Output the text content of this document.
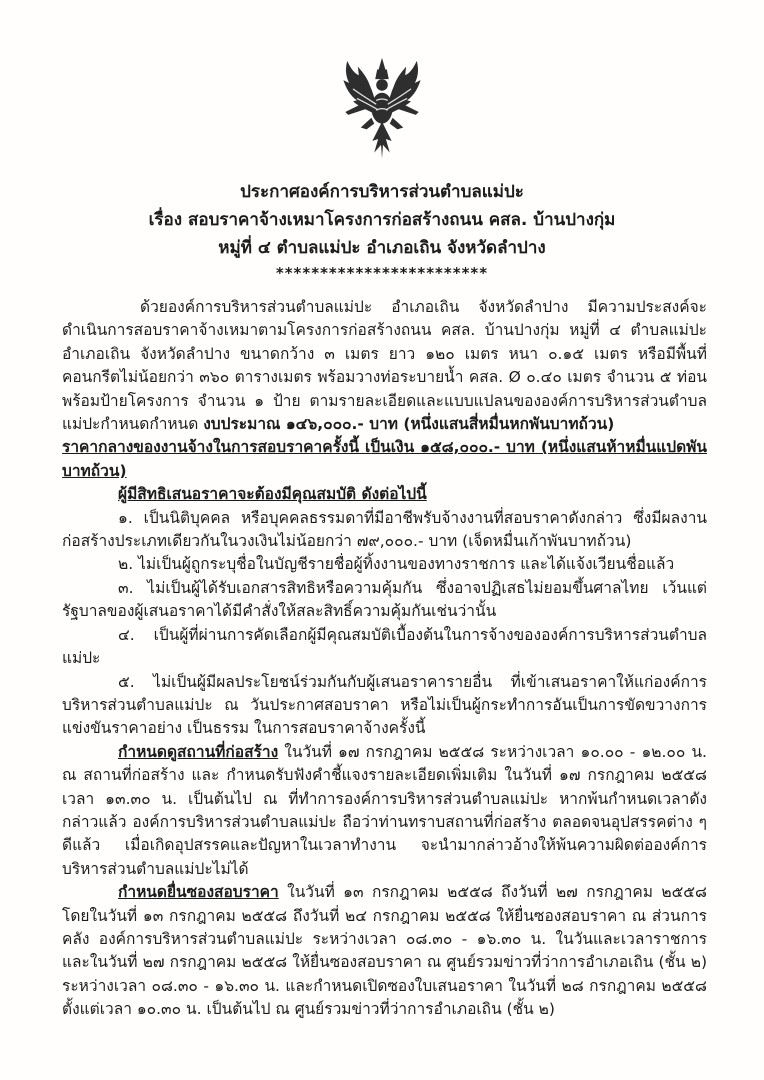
ประกาศองค์การบริหารส่วนตำบลแม่ปะ
เรื่อง สอบราคาจ้างเหมาโครงการก่อสร้างถนน คสล. บ้านปางกุ่ม
หมู่ที่ ๔ ตำบลแม่ปะ อำเภอเถิน จังหวัดลำปาง
************************

ด้วยองค์การบริหารส่วนตำบลแม่ปะ อำเภอเถิน จังหวัดลำปาง มีความประสงค์จะดำเนินการสอบราคาจ้างเหมาตามโครงการก่อสร้างถนน คสล. บ้านปางกุ่ม หมู่ที่ ๔ ตำบลแม่ปะ อำเภอเถิน จังหวัดลำปาง ขนาดกว้าง ๓ เมตร ยาว ๑๒๐ เมตร หนา ๐.๑๕ เมตร หรือมีพื้นที่คอนกรีตไม่น้อยกว่า ๓๖๐ ตารางเมตร พร้อมวางท่อระบายน้ำ คสล. Ø ๐.๔๐ เมตร จำนวน ๕ ท่อน พร้อมป้ายโครงการ จำนวน ๑ ป้าย ตามรายละเอียดและแบบแปลนขององค์การบริหารส่วนตำบลแม่ปะกำหนดกำหนด งบประมาณ ๑๔๖,๐๐๐.- บาท (หนึ่งแสนสี่หมื่นหกพันบาทถ้วน)

ราคากลางของงานจ้างในการสอบราคาครั้งนี้ เป็นเงิน ๑๕๘,๐๐๐.- บาท (หนึ่งแสนห้าหมื่นแปดพันบาทถ้วน)

ผู้มีสิทธิเสนอราคาจะต้องมีคุณสมบัติ ดังต่อไปนี้

๑. เป็นนิติบุคคล หรือบุคคลธรรมดาที่มีอาชีพรับจ้างงานที่สอบราคาดังกล่าว ซึ่งมีผลงานก่อสร้างประเภทเดียวกันในวงเงินไม่น้อยกว่า ๗๙,๐๐๐.- บาท (เจ็ดหมื่นเก้าพันบาทถ้วน)

๒. ไม่เป็นผู้ถูกระบุชื่อในบัญชีรายชื่อผู้ทิ้งงานของทางราชการ และได้แจ้งเวียนชื่อแล้ว

๓. ไม่เป็นผู้ได้รับเอกสารสิทธิหรือความคุ้มกัน ซึ่งอาจปฏิเสธไม่ยอมขึ้นศาลไทย เว้นแต่รัฐบาลของผู้เสนอราคาได้มีคำสั่งให้สละสิทธิ์ความคุ้มกันเช่นว่านั้น

๔. เป็นผู้ที่ผ่านการคัดเลือกผู้มีคุณสมบัติเบื้องต้นในการจ้างขององค์การบริหารส่วนตำบลแม่ปะ

๕. ไม่เป็นผู้มีผลประโยชน์ร่วมกันกับผู้เสนอราคารายอื่น ที่เข้าเสนอราคาให้แก่องค์การบริหารส่วนตำบลแม่ปะ ณ วันประกาศสอบราคา หรือไม่เป็นผู้กระทำการอันเป็นการขัดขวางการแข่งขันราคาอย่าง เป็นธรรม ในการสอบราคาจ้างครั้งนี้

กำหนดดูสถานที่ก่อสร้าง ในวันที่ ๑๗ กรกฎาคม ๒๕๕๘ ระหว่างเวลา ๑๐.๐๐ - ๑๒.๐๐ น. ณ สถานที่ก่อสร้าง และ กำหนดรับฟังคำชี้แจงรายละเอียดเพิ่มเติม ในวันที่ ๑๗ กรกฎาคม ๒๕๕๘ เวลา ๑๓.๓๐ น. เป็นต้นไป ณ ที่ทำการองค์การบริหารส่วนตำบลแม่ปะ หากพ้นกำหนดเวลาดังกล่าวแล้ว องค์การบริหารส่วนตำบลแม่ปะ ถือว่าท่านทราบสถานที่ก่อสร้าง ตลอดจนอุปสรรคต่าง ๆ ดีแล้ว เมื่อเกิดอุปสรรคและปัญหาในเวลาทำงาน จะนำมากล่าวอ้างให้พ้นความผิดต่อองค์การบริหารส่วนตำบลแม่ปะไม่ได้

กำหนดยื่นซองสอบราคา ในวันที่ ๑๓ กรกฎาคม ๒๕๕๘ ถึงวันที่ ๒๗ กรกฎาคม ๒๕๕๘ โดยในวันที่ ๑๓ กรกฎาคม ๒๕๕๘ ถึงวันที่ ๒๔ กรกฎาคม ๒๕๕๘ ให้ยื่นซองสอบราคา ณ ส่วนการคลัง องค์การบริหารส่วนตำบลแม่ปะ ระหว่างเวลา ๐๘.๓๐ - ๑๖.๓๐ น. ในวันและเวลาราชการ และในวันที่ ๒๗ กรกฎาคม ๒๕๕๘ ให้ยื่นซองสอบราคา ณ ศูนย์รวมข่าวที่ว่าการอำเภอเถิน (ชั้น ๒) ระหว่างเวลา ๐๘.๓๐ - ๑๖.๓๐ น. และกำหนดเปิดซองใบเสนอราคา ในวันที่ ๒๘ กรกฎาคม ๒๕๕๘ ตั้งแต่เวลา ๑๐.๓๐ น. เป็นต้นไป ณ ศูนย์รวมข่าวที่ว่าการอำเภอเถิน (ชั้น ๒)
